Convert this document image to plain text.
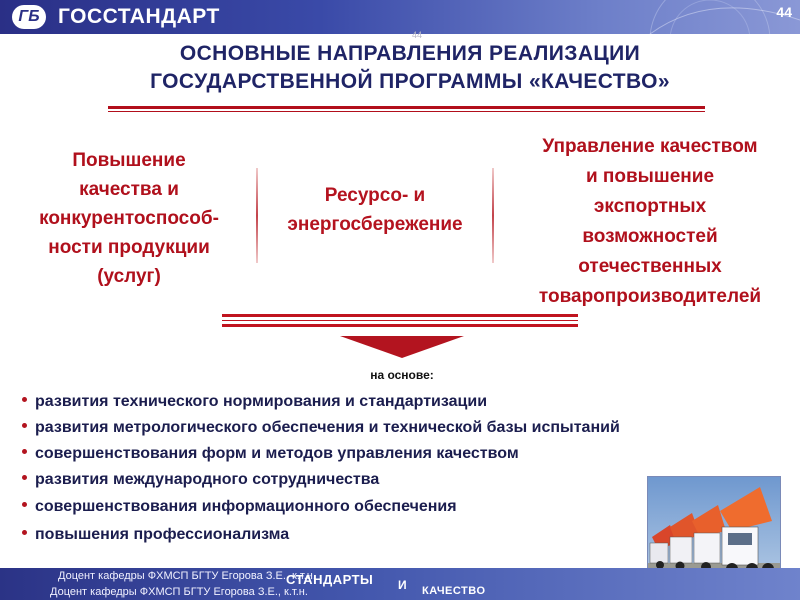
ГБ ГОССТАНДАРТ	44
44
ОСНОВНЫЕ НАПРАВЛЕНИЯ РЕАЛИЗАЦИИ
ГОСУДАРСТВЕННОЙ ПРОГРАММЫ «КАЧЕСТВО»
Повышение
качества и
конкурентоспособ-
ности продукции
(услуг)
Ресурсо- и
энергосбережение
Управление качеством
и повышение
экспортных
возможностей
отечественных
товаропроизводителей
на основе:
развития технического нормирования и стандартизации
развития метрологического обеспечения и технической базы испытаний
совершенствования форм и методов управления качеством
развития международного сотрудничества
совершенствования информационного обеспечения
повышения профессионализма
Доцент кафедры ФХМСП БГТУ Егорова З.Е., к.т.н.
Доцент кафедры ФХМСП БГТУ Егорова З.Е., к.т.н.
СТАНДАРТЫ И КАЧЕСТВО
